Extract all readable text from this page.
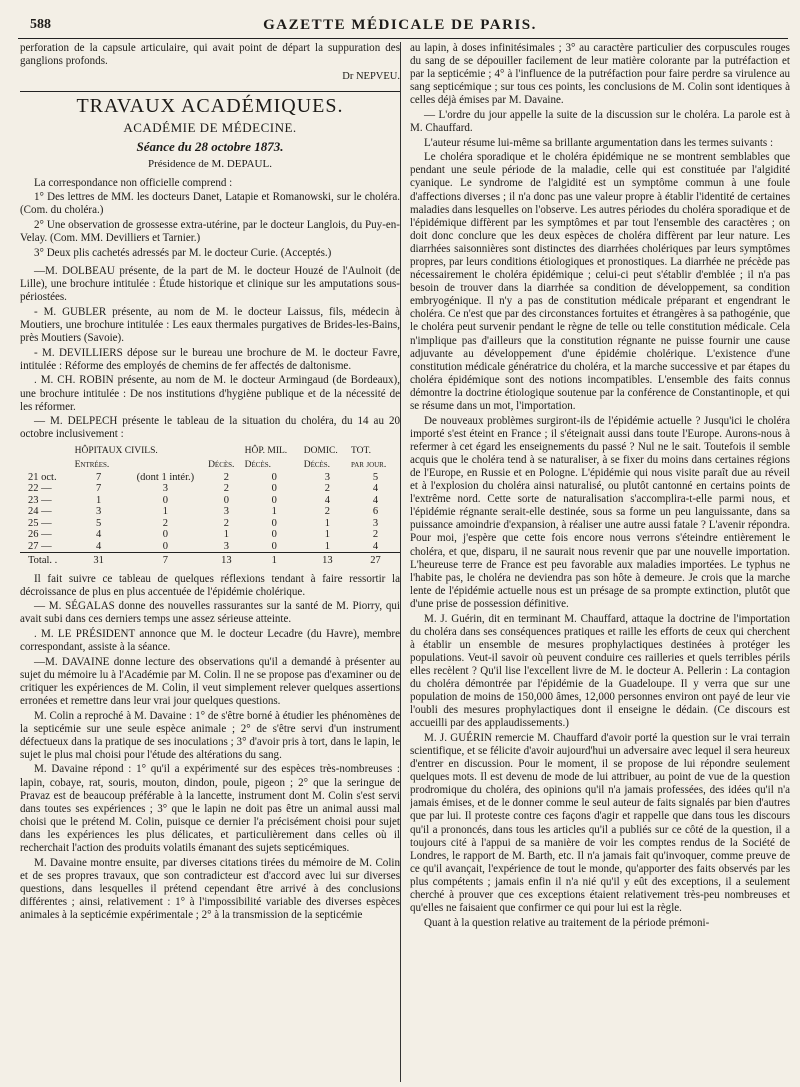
588	GAZETTE MÉDICALE DE PARIS.

perforation de la capsule articulaire, qui avait point de départ la suppuration des ganglions profonds.

Dr NEPVEU.
TRAVAUX ACADÉMIQUES.
ACADÉMIE DE MÉDECINE.
Séance du 28 octobre 1873.
Présidence de M. DEPAUL.

La correspondance non officielle comprend :

1° Des lettres de MM. les docteurs Danet, Latapie et Romanowski, sur le choléra. (Com. du choléra.)

2° Une observation de grossesse extra-utérine, par le docteur Langlois, du Puy-en-Velay. (Com. MM. Devilliers et Tarnier.)

3° Deux plis cachetés adressés par M. le docteur Curie. (Acceptés.)

—M. DOLBEAU présente, de la part de M. le docteur Houzé de l'Aulnoit (de Lille), une brochure intitulée : Étude historique et clinique sur les amputations sous-périostées.

- M. GUBLER présente, au nom de M. le docteur Laissus, fils, médecin à Moutiers, une brochure intitulée : Les eaux thermales purgatives de Brides-les-Bains, près Moutiers (Savoie).

- M. DEVILLIERS dépose sur le bureau une brochure de M. le docteur Favre, intitulée : Réforme des employés de chemins de fer affectés de daltonisme.

. M. CH. ROBIN présente, au nom de M. le docteur Armingaud (de Bordeaux), une brochure intitulée : De nos institutions d'hygiène publique et de la nécessité de les réformer.

— M. DELPECH présente le tableau de la situation du choléra, du 14 au 20 octobre inclusivement :

	HÔPITAUX CIVILS.			HÔP. MIL.	DOMIC.	TOT.
	Entrées.		Décès.	Décès.	Décès.	par jour.
21 oct.	7	(dont 1 intér.)	2	0	3	5
22 —	7	3	2	0	2	4
23 —	1	0	0	0	4	4
24 —	3	1	3	1	2	6
25 —	5	2	2	0	1	3
26 —	4	0	1	0	1	2
27 —	4	0	3	0	1	4
Total. .	31	7	13	1	13	27

Il fait suivre ce tableau de quelques réflexions tendant à faire ressortir la décroissance de plus en plus accentuée de l'épidémie cholérique.

— M. SÉGALAS donne des nouvelles rassurantes sur la santé de M. Piorry, qui avait subi dans ces derniers temps une assez sérieuse atteinte.

. M. LE PRÉSIDENT annonce que M. le docteur Lecadre (du Havre), membre correspondant, assiste à la séance.

—M. DAVAINE donne lecture des observations qu'il a demandé à présenter au sujet du mémoire lu à l'Académie par M. Colin. Il ne se propose pas d'examiner ou de critiquer les expériences de M. Colin, il veut simplement relever quelques assertions erronées et remettre dans leur vrai jour quelques questions.

M. Colin a reproché à M. Davaine : 1° de s'être borné à étudier les phénomènes de la septicémie sur une seule espèce animale ; 2° de s'être servi d'un instrument défectueux dans la pratique de ses inoculations ; 3° d'avoir pris à tort, dans le lapin, le sujet le plus mal choisi pour l'étude des altérations du sang.

M. Davaine répond : 1° qu'il a expérimenté sur des espèces très-nombreuses : lapin, cobaye, rat, souris, mouton, dindon, poule, pigeon ; 2° que la seringue de Pravaz est de beaucoup préférable à la lancette, instrument dont M. Colin s'est servi dans toutes ses expériences ; 3° que le lapin ne doit pas être un animal aussi mal choisi que le prétend M. Colin, puisque ce dernier l'a précisément choisi pour sujet dans les expériences les plus délicates, et particulièrement dans celles où il recherchait l'action des produits volatils émanant des sujets septicémiques.

M. Davaine montre ensuite, par diverses citations tirées du mémoire de M. Colin et de ses propres travaux, que son contradicteur est d'accord avec lui sur diverses questions, dans lesquelles il prétend cependant être arrivé à des conclusions différentes ; ainsi, relativement : 1° à l'impossibilité variable des diverses espèces animales à la septicémie expérimentale ; 2° à la transmission de la septicémie

au lapin, à doses infinitésimales ; 3° au caractère particulier des corpuscules rouges du sang de se dépouiller facilement de leur matière colorante par la putréfaction et par la septicémie ; 4° à l'influence de la putréfaction pour faire perdre sa virulence au sang septicémique ; sur tous ces points, les conclusions de M. Colin sont identiques à celles déjà émises par M. Davaine.

— L'ordre du jour appelle la suite de la discussion sur le choléra. La parole est à M. Chauffard.

L'auteur résume lui-même sa brillante argumentation dans les termes suivants :

Le choléra sporadique et le choléra épidémique ne se montrent semblables que pendant une seule période de la maladie, celle qui est constituée par l'algidité cyanique. Le syndrome de l'algidité est un symptôme commun à une foule d'affections diverses ; il n'a donc pas une valeur propre à établir l'identité de certaines maladies dans lesquelles on l'observe. Les autres périodes du choléra sporadique et de l'épidémique diffèrent par les symptômes et par tout l'ensemble des caractères ; on doit donc conclure que les deux espèces de choléra diffèrent par leur nature. Les diarrhées saisonnières sont distinctes des diarrhées cholériques par leurs symptômes propres, par leurs conditions étiologiques et pronostiques. La diarrhée ne précède pas nécessairement le choléra épidémique ; celui-ci peut s'établir d'emblée ; il n'a pas besoin de trouver dans la diarrhée sa condition de développement, sa condition embryogénique. Il n'y a pas de constitution médicale préparant et engendrant le choléra. Ce n'est que par des circonstances fortuites et étrangères à sa pathogénie, que le choléra peut survenir pendant le règne de telle ou telle constitution médicale. Cela n'implique pas d'ailleurs que la constitution régnante ne puisse fournir une cause adjuvante au développement d'une épidémie cholérique. L'existence d'une constitution médicale génératrice du choléra, et la marche successive et par étapes du choléra épidémique sont des notions incompatibles. L'ensemble des faits connus démontre la doctrine étiologique soutenue par la conférence de Constantinople, et qui se résume dans un mot, l'importation.

De nouveaux problèmes surgiront-ils de l'épidémie actuelle ? Jusqu'ici le choléra importé s'est éteint en France ; il s'éteignait aussi dans toute l'Europe. Aurons-nous à refermer à cet égard les enseignements du passé ? Nul ne le sait. Toutefois il semble acquis que le choléra tend à se naturaliser, à se fixer du moins dans certaines régions de l'Europe, en Russie et en Pologne. L'épidémie qui nous visite paraît due au réveil et à l'explosion du choléra ainsi naturalisé, ou plutôt cantonné en certains points de l'extrême nord. Cette sorte de naturalisation s'accomplira-t-elle parmi nous, et l'épidémie régnante serait-elle destinée, sous sa forme un peu languissante, dans sa puissance amoindrie d'expansion, à réaliser une autre aussi fatale ? L'avenir répondra. Pour moi, j'espère que cette fois encore nous verrons s'éteindre entièrement le choléra, et que, disparu, il ne saurait nous revenir que par une nouvelle importation. L'heureuse terre de France est peu favorable aux maladies importées. Le typhus ne l'habite pas, le choléra ne deviendra pas son hôte à demeure. Je crois que la marche lente de l'épidémie actuelle nous est un présage de sa prompte extinction, plutôt que d'une prise de possession définitive.

M. J. Guérin, dit en terminant M. Chauffard, attaque la doctrine de l'importation du choléra dans ses conséquences pratiques et raille les efforts de ceux qui cherchent à établir un ensemble de mesures prophylactiques destinées à protéger les populations. Veut-il savoir où peuvent conduire ces railleries et quels terribles périls elles recèlent ? Qu'il lise l'excellent livre de M. le docteur A. Pellerin : La contagion du choléra démontrée par l'épidémie de la Guadeloupe. Il y verra que sur une population de moins de 150,000 âmes, 12,000 personnes environ ont payé de leur vie l'oubli des mesures prophylactiques dont il enseigne le dédain. (Ce discours est accueilli par des applaudissements.)

M. J. GUÉRIN remercie M. Chauffard d'avoir porté la question sur le vrai terrain scientifique, et se félicite d'avoir aujourd'hui un adversaire avec lequel il sera heureux d'entrer en discussion. Pour le moment, il se propose de lui répondre seulement quelques mots. Il est devenu de mode de lui attribuer, au point de vue de la question prodromique du choléra, des opinions qu'il n'a jamais professées, des idées qu'il n'a jamais émises, et de le donner comme le seul auteur de faits signalés par bien d'autres que par lui. Il proteste contre ces façons d'agir et rappelle que dans tous les discours qu'il a prononcés, dans tous les articles qu'il a publiés sur ce côté de la question, il a toujours cité à l'appui de sa manière de voir les comptes rendus de la Société de Londres, le rapport de M. Barth, etc. Il n'a jamais fait qu'invoquer, comme preuve de ce qu'il avançait, l'expérience de tout le monde, qu'apporter des faits observés par les plus compétents ; jamais enfin il n'a nié qu'il y eût des exceptions, il a seulement cherché à prouver que ces exceptions étaient relativement très-peu nombreuses et qu'elles ne faisaient que confirmer ce qui pour lui est la règle.

Quant à la question relative au traitement de la période prémoni-
